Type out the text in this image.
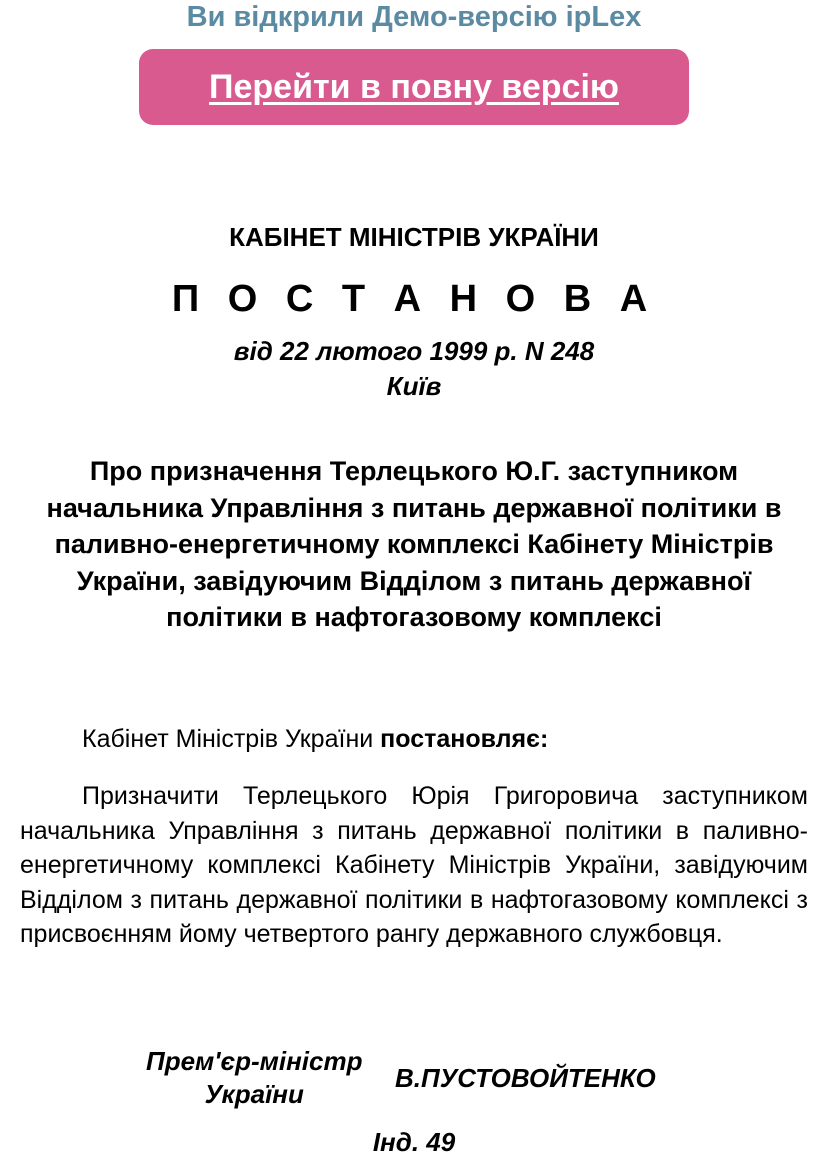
Ви відкрили Демо-версію ipLex
Перейти в повну версію
КАБІНЕТ МІНІСТРІВ УКРАЇНИ
П О С Т А Н О В А
від 22 лютого 1999 р. N 248
Київ
Про призначення Терлецького Ю.Г. заступником начальника Управління з питань державної політики в паливно-енергетичному комплексі Кабінету Міністрів України, завідуючим Відділом з питань державної політики в нафтогазовому комплексі
Кабінет Міністрів України постановляє:
Призначити Терлецького Юрія Григоровича заступником начальника Управління з питань державної політики в паливно-енергетичному комплексі Кабінету Міністрів України, завідуючим Відділом з питань державної політики в нафтогазовому комплексі з присвоєнням йому четвертого рангу державного службовця.
Прем'єр-міністр
України
В.ПУСТОВОЙТЕНКО
Інд. 49
